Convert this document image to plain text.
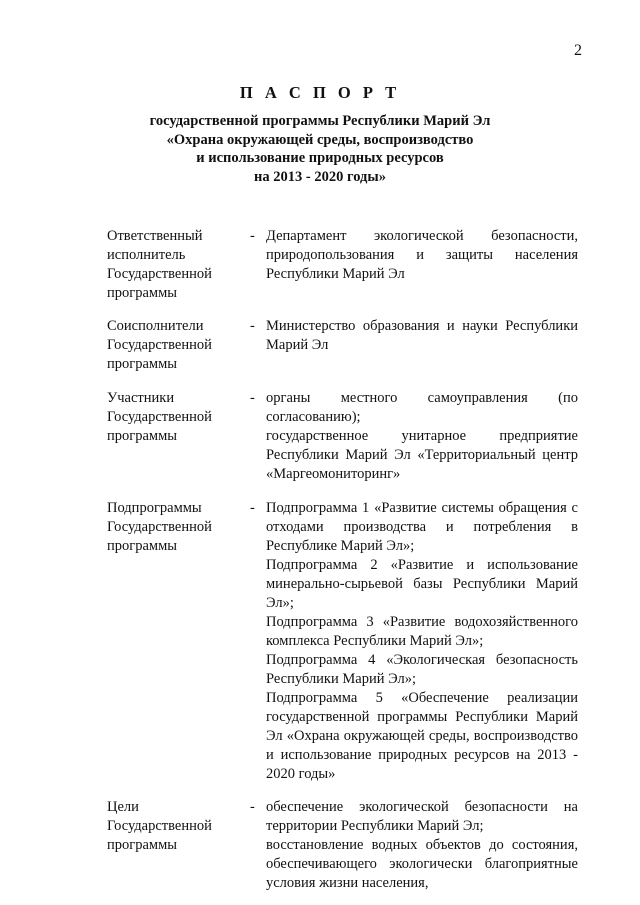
2
П А С П О Р Т
государственной программы Республики Марий Эл
«Охрана окружающей среды, воспроизводство
и использование природных ресурсов
на 2013 - 2020 годы»
Ответственный
исполнитель
Государственной
программы
- Департамент экологической безопасности, природопользования и защиты населения Республики Марий Эл

Соисполнители
Государственной
программы
- Министерство образования и науки Республики Марий Эл

Участники
Государственной
программы
- органы местного самоуправления (по согласованию);

государственное унитарное предприятие Республики Марий Эл «Территориальный центр «Маргеомониторинг»

Подпрограммы
Государственной
программы
- Подпрограмма 1 «Развитие системы обращения с отходами производства и потребления в Республике Марий Эл»;

Подпрограмма 2 «Развитие и использование минерально-сырьевой базы Республики Марий Эл»;

Подпрограмма 3 «Развитие водохозяйственного комплекса Республики Марий Эл»;

Подпрограмма 4 «Экологическая безопасность Республики Марий Эл»;

Подпрограмма 5 «Обеспечение реализации государственной программы Республики Марий Эл «Охрана окружающей среды, воспроизводство и использование природных ресурсов на 2013 - 2020 годы»

Цели
Государственной
программы
- обеспечение экологической безопасности на территории Республики Марий Эл;

восстановление водных объектов до состояния, обеспечивающего экологически благоприятные условия жизни населения,
